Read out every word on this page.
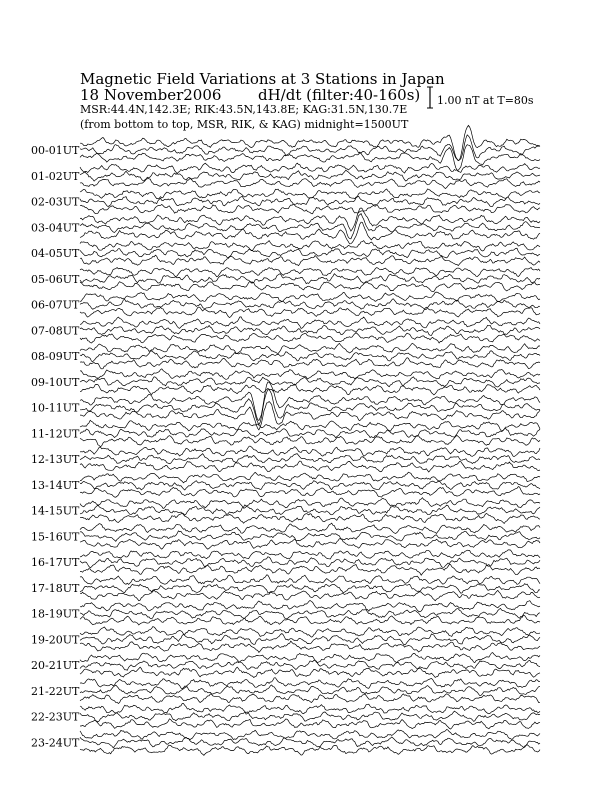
Magnetic Field Variations at 3 Stations in Japan
18 November2006 dH/dt (filter:40-160s)
MSR:44.4N,142.3E; RIK:43.5N,143.8E; KAG:31.5N,130.7E
(from bottom to top, MSR, RIK, & KAG) midnight=1500UT
1.00 nT at T=80s
00-01UT
01-02UT
02-03UT
03-04UT
04-05UT
05-06UT
06-07UT
07-08UT
08-09UT
09-10UT
10-11UT
11-12UT
12-13UT
13-14UT
14-15UT
15-16UT
16-17UT
17-18UT
18-19UT
19-20UT
20-21UT
21-22UT
22-23UT
23-24UT
